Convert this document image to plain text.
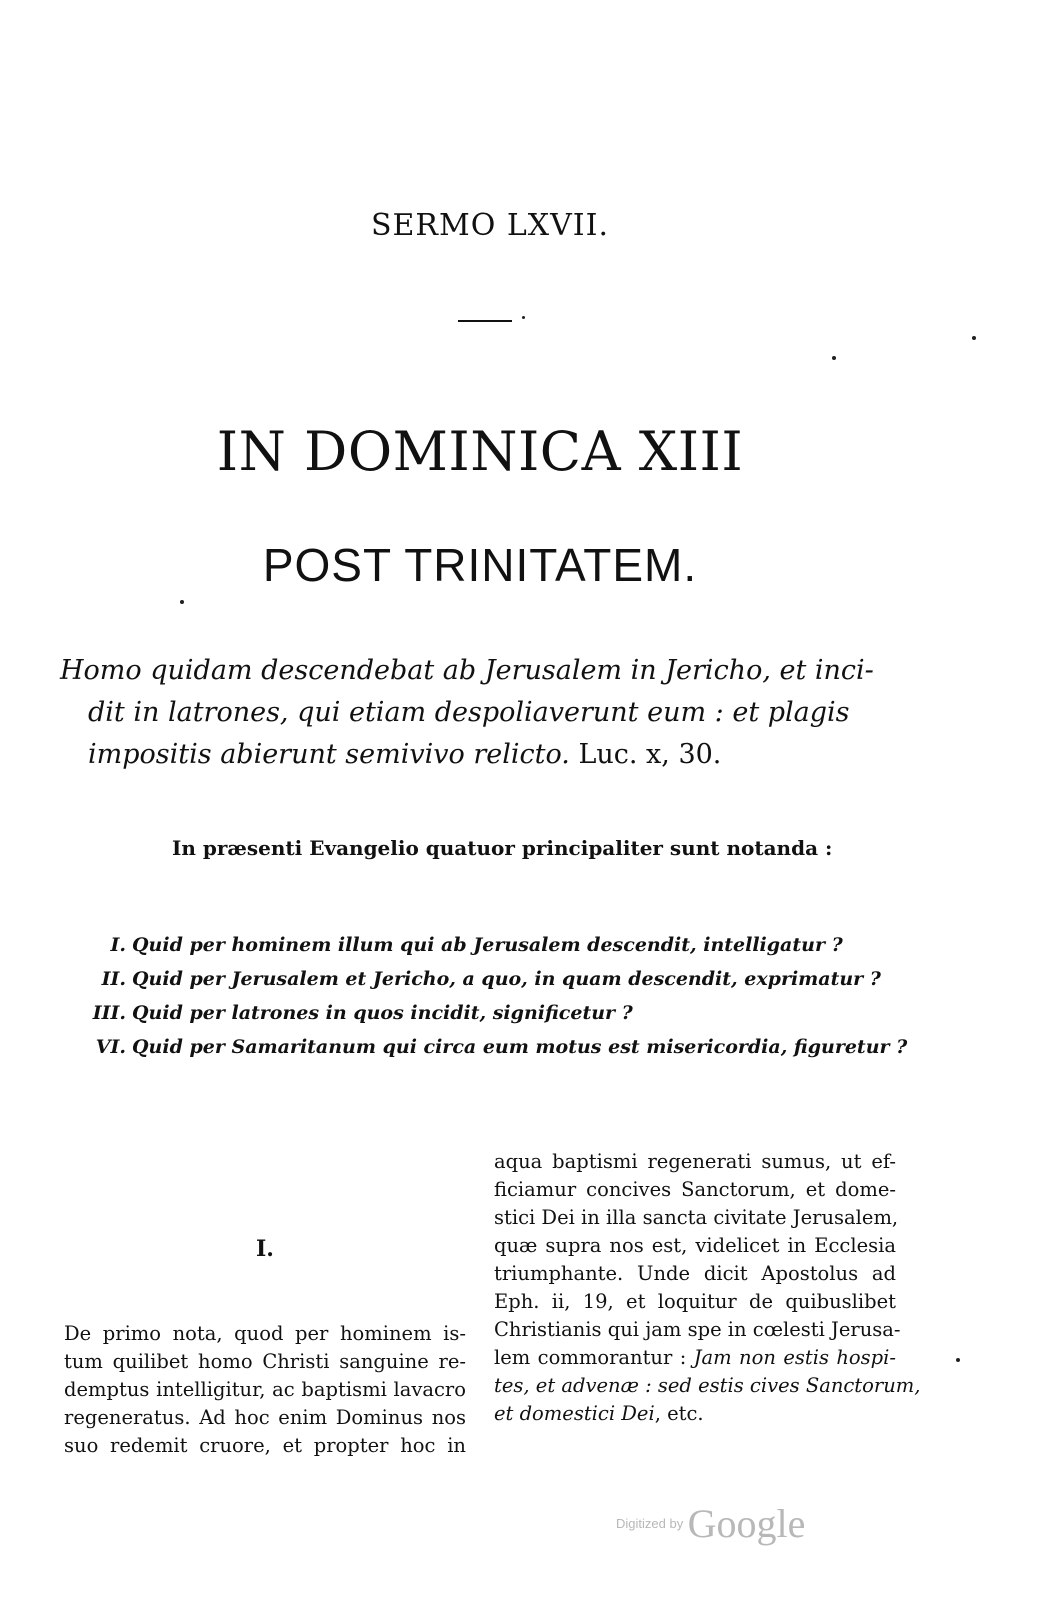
SERMO LXVII.
IN DOMINICA XIII
POST TRINITATEM.
Homo quidam descendebat ab Jerusalem in Jericho, et inci-
dit in latrones, qui etiam despoliaverunt eum : et plagis
impositis abierunt semivivo relicto. Luc. x, 30.
In præsenti Evangelio quatuor principaliter sunt notanda :
I. Quid per hominem illum qui ab Jerusalem descendit, intelligatur ?
II. Quid per Jerusalem et Jericho, a quo, in quam descendit, exprimatur ?
III. Quid per latrones in quos incidit, significetur ?
VI. Quid per Samaritanum qui circa eum motus est misericordia, figuretur ?
I.
De primo nota, quod per hominem is-
tum quilibet homo Christi sanguine re-
demptus intelligitur, ac baptismi lavacro
regeneratus. Ad hoc enim Dominus nos
suo redemit cruore, et propter hoc in
aqua baptismi regenerati sumus, ut ef-
ficiamur concives Sanctorum, et dome-
stici Dei in illa sancta civitate Jerusalem,
quæ supra nos est, videlicet in Ecclesia
triumphante. Unde dicit Apostolus ad
Eph. ii, 19, et loquitur de quibuslibet
Christianis qui jam spe in cœlesti Jerusa-
lem commorantur : Jam non estis hospi-
tes, et advenæ : sed estis cives Sanctorum,
et domestici Dei, etc.
Digitized by Google
